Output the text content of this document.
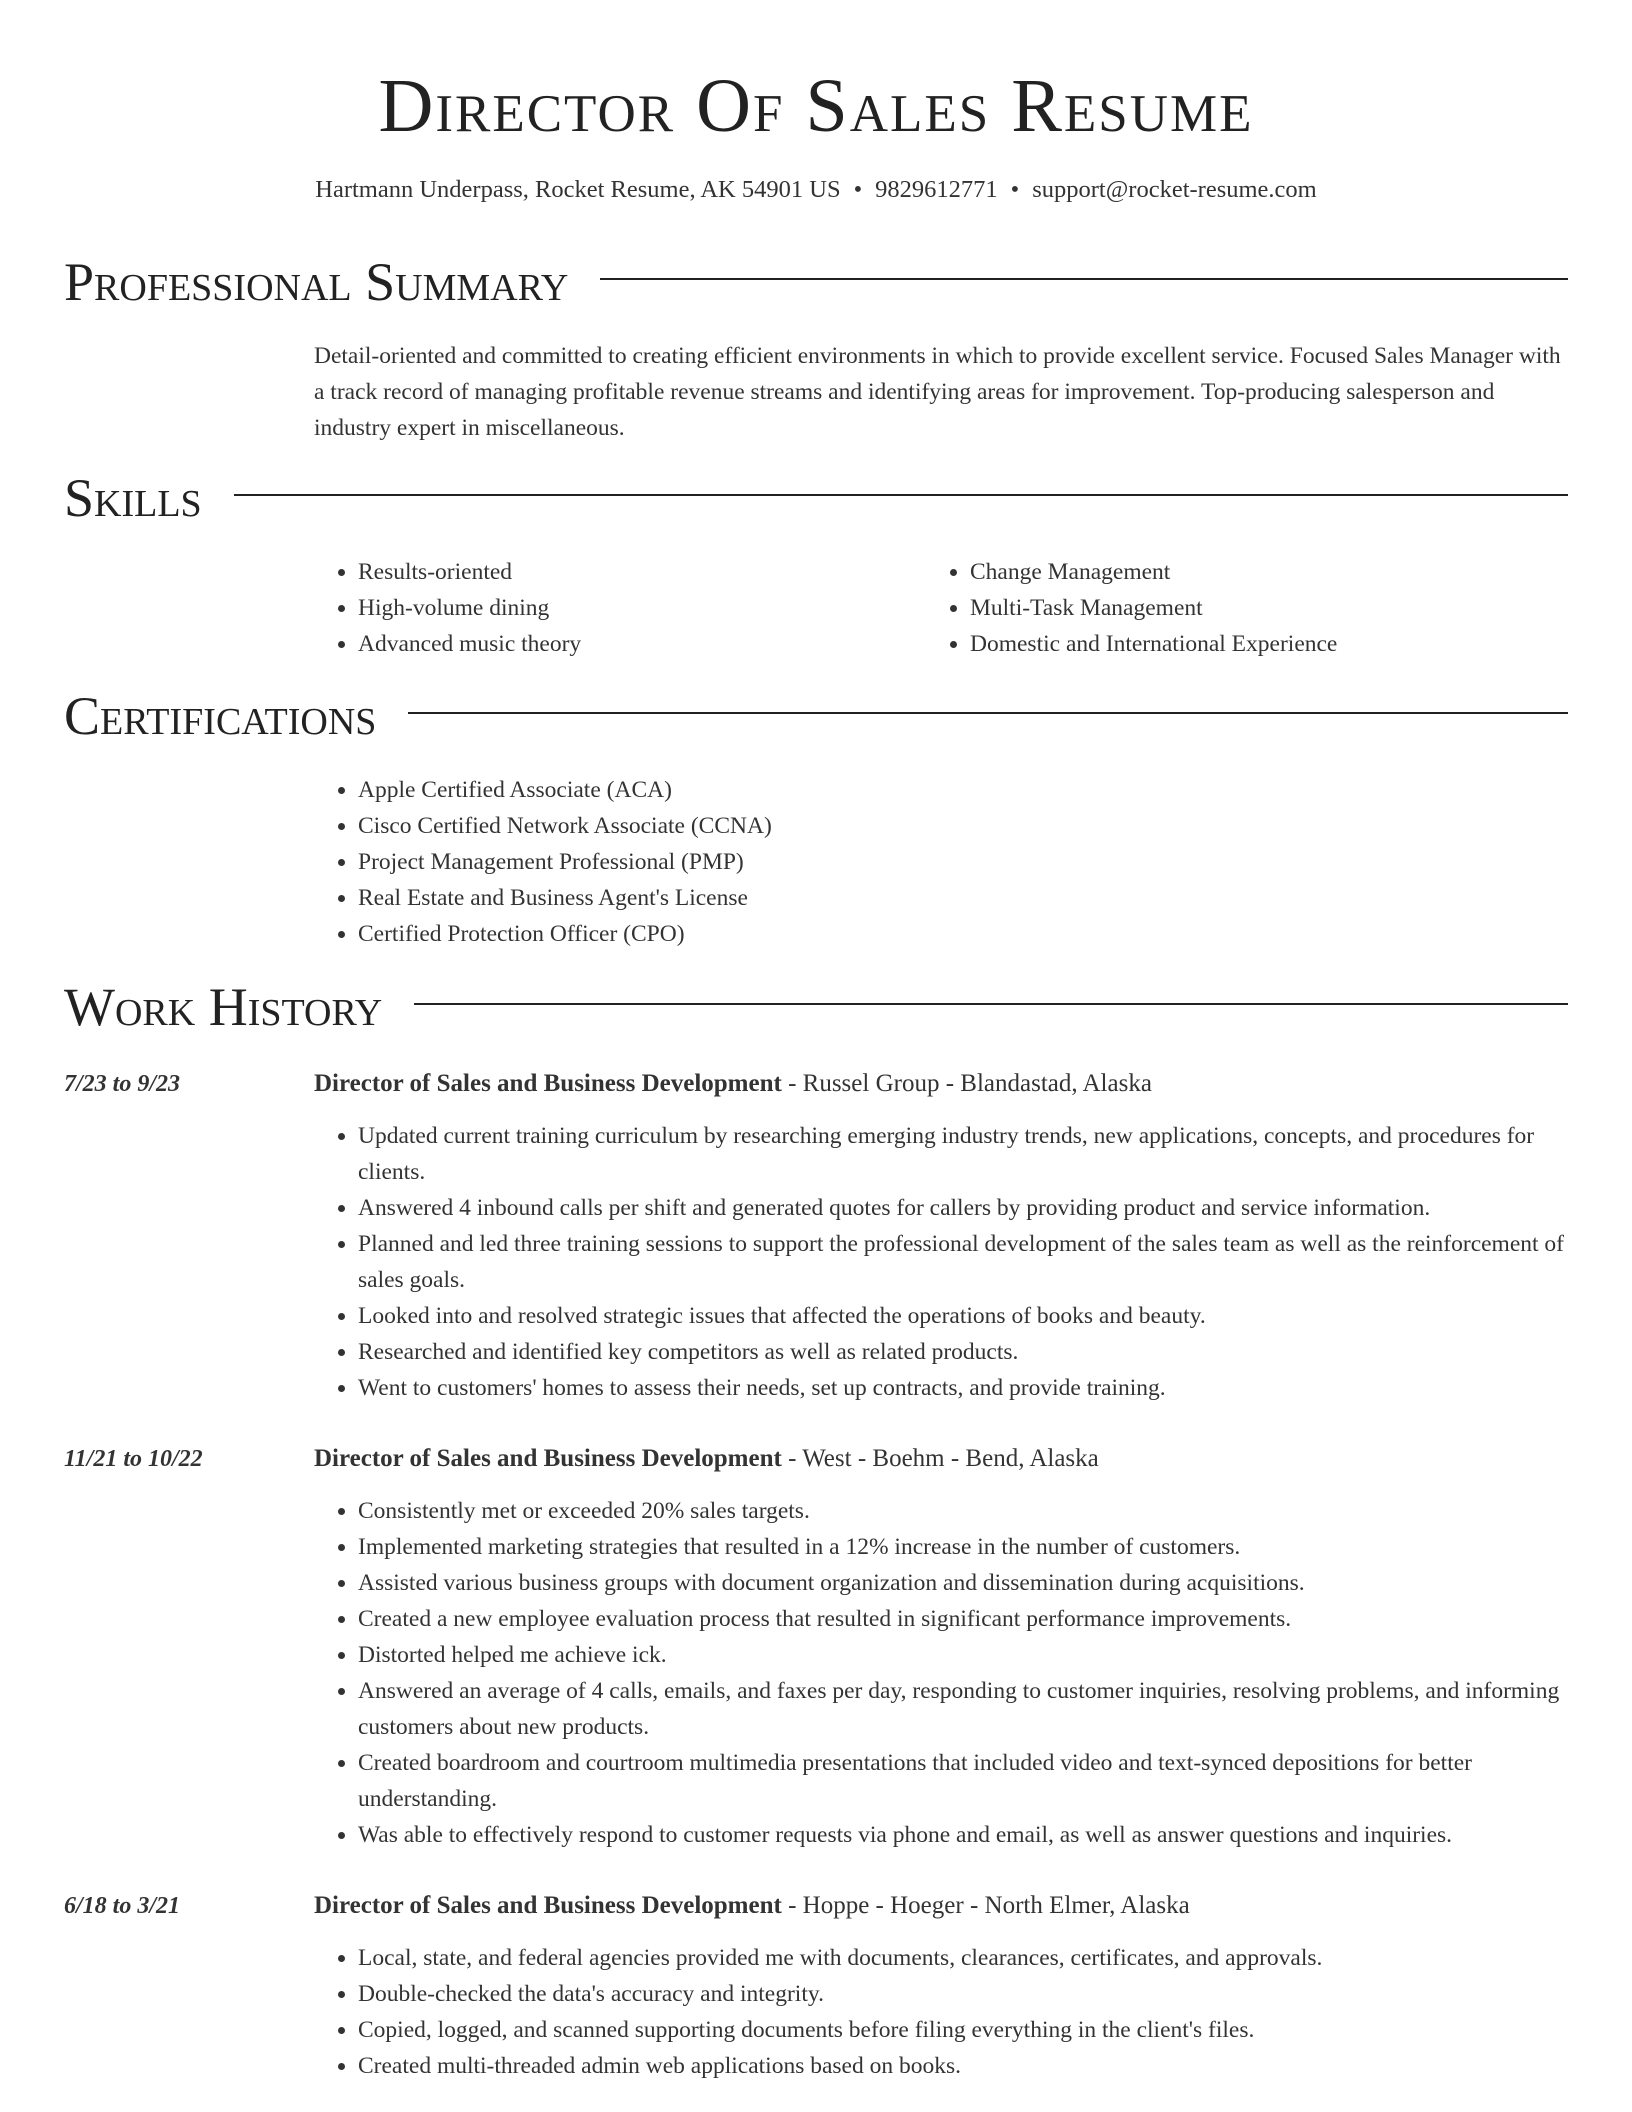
Director Of Sales Resume
Hartmann Underpass, Rocket Resume, AK 54901 US • 9829612771 • support@rocket-resume.com
Professional Summary
Detail-oriented and committed to creating efficient environments in which to provide excellent service. Focused Sales Manager with a track record of managing profitable revenue streams and identifying areas for improvement. Top-producing salesperson and industry expert in miscellaneous.
Skills
• Results-oriented
• High-volume dining
• Advanced music theory
• Change Management
• Multi-Task Management
• Domestic and International Experience
Certifications
• Apple Certified Associate (ACA)
• Cisco Certified Network Associate (CCNA)
• Project Management Professional (PMP)
• Real Estate and Business Agent's License
• Certified Protection Officer (CPO)
Work History
7/23 to 9/23	Director of Sales and Business Development - Russel Group - Blandastad, Alaska
• Updated current training curriculum by researching emerging industry trends, new applications, concepts, and procedures for clients.
• Answered 4 inbound calls per shift and generated quotes for callers by providing product and service information.
• Planned and led three training sessions to support the professional development of the sales team as well as the reinforcement of sales goals.
• Looked into and resolved strategic issues that affected the operations of books and beauty.
• Researched and identified key competitors as well as related products.
• Went to customers' homes to assess their needs, set up contracts, and provide training.
11/21 to 10/22	Director of Sales and Business Development - West - Boehm - Bend, Alaska
• Consistently met or exceeded 20% sales targets.
• Implemented marketing strategies that resulted in a 12% increase in the number of customers.
• Assisted various business groups with document organization and dissemination during acquisitions.
• Created a new employee evaluation process that resulted in significant performance improvements.
• Distorted helped me achieve ick.
• Answered an average of 4 calls, emails, and faxes per day, responding to customer inquiries, resolving problems, and informing customers about new products.
• Created boardroom and courtroom multimedia presentations that included video and text-synced depositions for better understanding.
• Was able to effectively respond to customer requests via phone and email, as well as answer questions and inquiries.
6/18 to 3/21	Director of Sales and Business Development - Hoppe - Hoeger - North Elmer, Alaska
• Local, state, and federal agencies provided me with documents, clearances, certificates, and approvals.
• Double-checked the data's accuracy and integrity.
• Copied, logged, and scanned supporting documents before filing everything in the client's files.
• Created multi-threaded admin web applications based on books.
